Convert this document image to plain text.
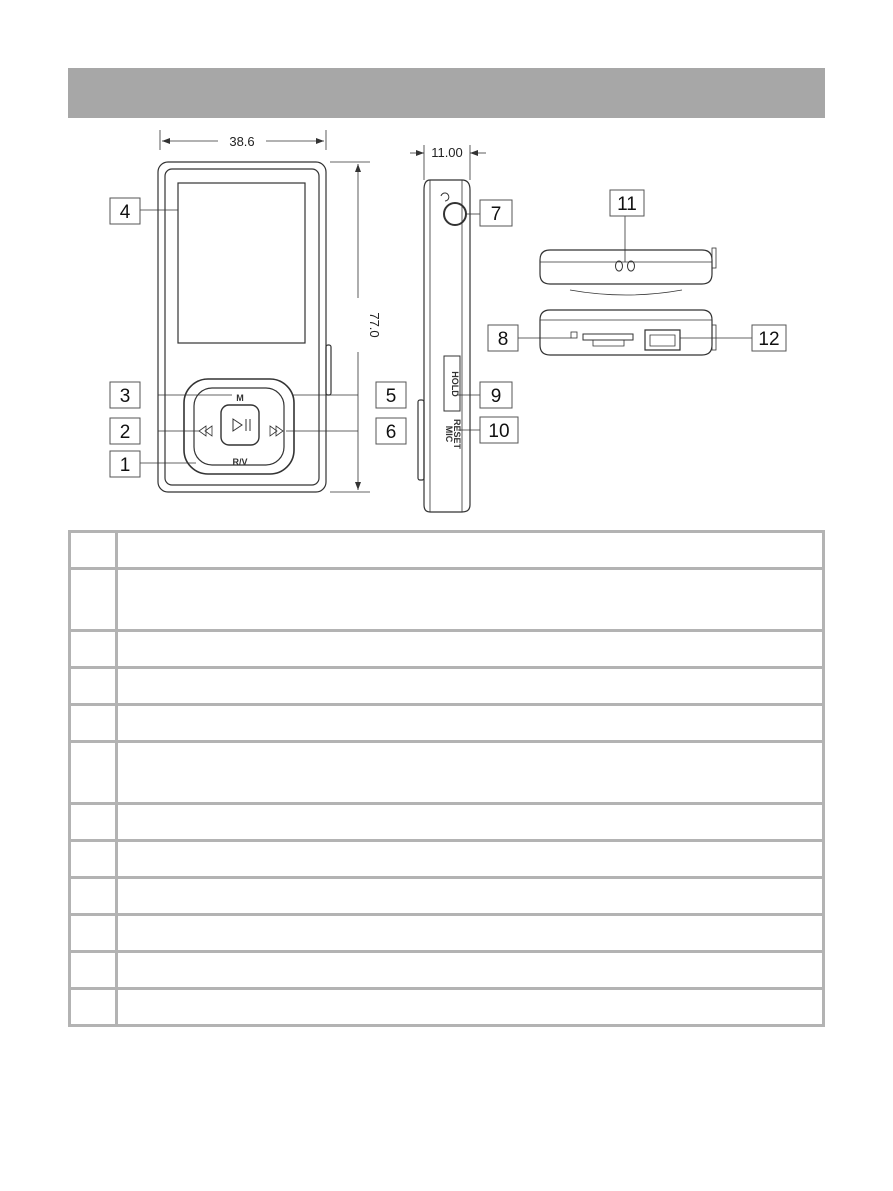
38.6
77.0
M
R/V
11.00
HOLD
RESET
MIC
4
3
2
1
5
6
7
9
10
11
8	12
